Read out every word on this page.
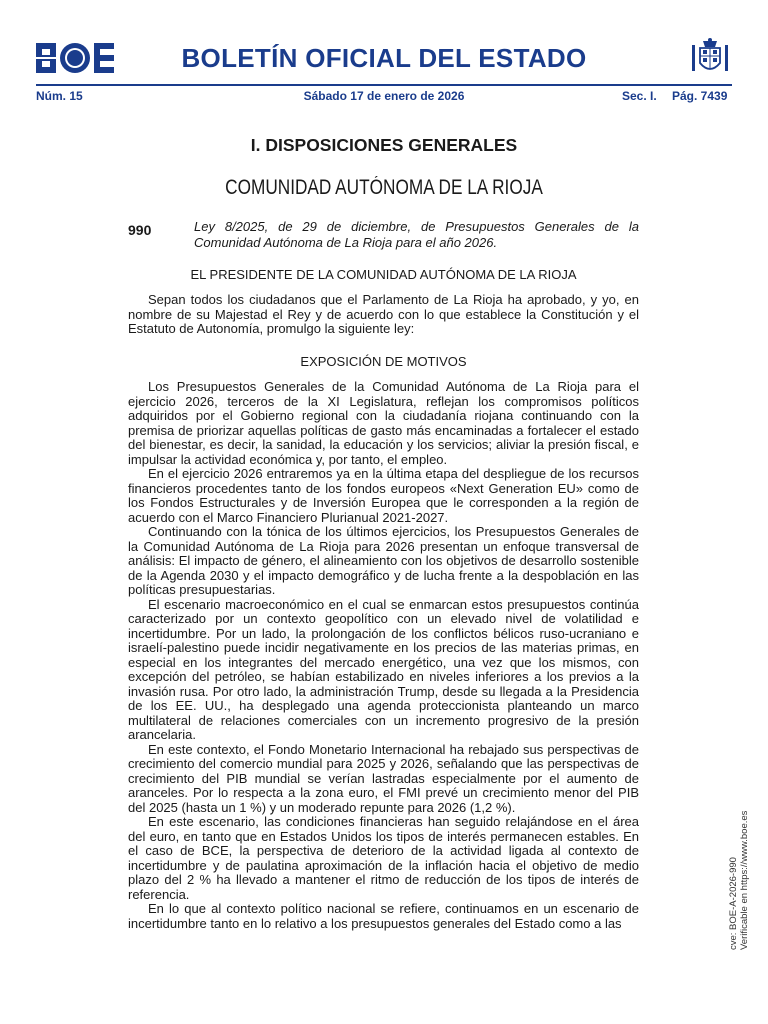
BOLETÍN OFICIAL DEL ESTADO
Núm. 15	Sábado 17 de enero de 2026	Sec. I. Pág. 7439
I. DISPOSICIONES GENERALES
COMUNIDAD AUTÓNOMA DE LA RIOJA
990	Ley 8/2025, de 29 de diciembre, de Presupuestos Generales de la Comunidad Autónoma de La Rioja para el año 2026.
EL PRESIDENTE DE LA COMUNIDAD AUTÓNOMA DE LA RIOJA

Sepan todos los ciudadanos que el Parlamento de La Rioja ha aprobado, y yo, en nombre de su Majestad el Rey y de acuerdo con lo que establece la Constitución y el Estatuto de Autonomía, promulgo la siguiente ley:

EXPOSICIÓN DE MOTIVOS

Los Presupuestos Generales de la Comunidad Autónoma de La Rioja para el ejercicio 2026, terceros de la XI Legislatura, reflejan los compromisos políticos adquiridos por el Gobierno regional con la ciudadanía riojana continuando con la premisa de priorizar aquellas políticas de gasto más encaminadas a fortalecer el estado del bienestar, es decir, la sanidad, la educación y los servicios; aliviar la presión fiscal, e impulsar la actividad económica y, por tanto, el empleo.

En el ejercicio 2026 entraremos ya en la última etapa del despliegue de los recursos financieros procedentes tanto de los fondos europeos «Next Generation EU» como de los Fondos Estructurales y de Inversión Europea que le corresponden a la región de acuerdo con el Marco Financiero Plurianual 2021-2027.

Continuando con la tónica de los últimos ejercicios, los Presupuestos Generales de la Comunidad Autónoma de La Rioja para 2026 presentan un enfoque transversal de análisis: El impacto de género, el alineamiento con los objetivos de desarrollo sostenible de la Agenda 2030 y el impacto demográfico y de lucha frente a la despoblación en las políticas presupuestarias.

El escenario macroeconómico en el cual se enmarcan estos presupuestos continúa caracterizado por un contexto geopolítico con un elevado nivel de volatilidad e incertidumbre. Por un lado, la prolongación de los conflictos bélicos ruso-ucraniano e israelí-palestino puede incidir negativamente en los precios de las materias primas, en especial en los integrantes del mercado energético, una vez que los mismos, con excepción del petróleo, se habían estabilizado en niveles inferiores a los previos a la invasión rusa. Por otro lado, la administración Trump, desde su llegada a la Presidencia de los EE. UU., ha desplegado una agenda proteccionista planteando un marco multilateral de relaciones comerciales con un incremento progresivo de la presión arancelaria.

En este contexto, el Fondo Monetario Internacional ha rebajado sus perspectivas de crecimiento del comercio mundial para 2025 y 2026, señalando que las perspectivas de crecimiento del PIB mundial se verían lastradas especialmente por el aumento de aranceles. Por lo respecta a la zona euro, el FMI prevé un crecimiento menor del PIB del 2025 (hasta un 1 %) y un moderado repunte para 2026 (1,2 %).

En este escenario, las condiciones financieras han seguido relajándose en el área del euro, en tanto que en Estados Unidos los tipos de interés permanecen estables. En el caso de BCE, la perspectiva de deterioro de la actividad ligada al contexto de incertidumbre y de paulatina aproximación de la inflación hacia el objetivo de medio plazo del 2 % ha llevado a mantener el ritmo de reducción de los tipos de interés de referencia.

En lo que al contexto político nacional se refiere, continuamos en un escenario de incertidumbre tanto en lo relativo a los presupuestos generales del Estado como a las	cve: BOE-A-2026-990 Verificable en https://www.boe.es
